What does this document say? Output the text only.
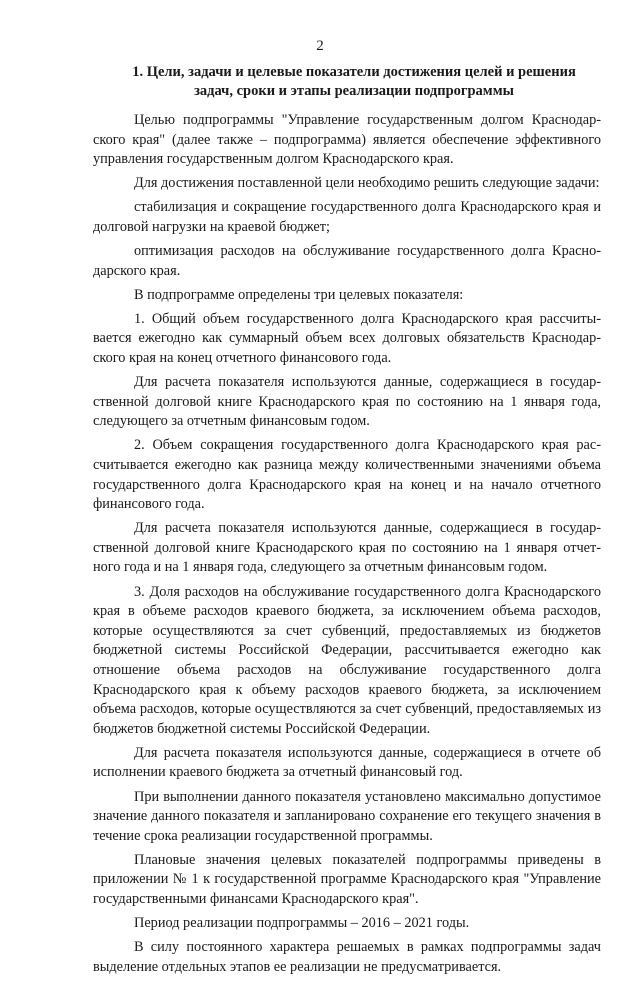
2
1. Цели, задачи и целевые показатели достижения целей и решения задач, сроки и этапы реализации подпрограммы

Целью подпрограммы "Управление государственным долгом Краснодарского края" (далее также – подпрограмма) является обеспечение эффективного управления государственным долгом Краснодарского края.

Для достижения поставленной цели необходимо решить следующие задачи:

стабилизация и сокращение государственного долга Краснодарского края и долговой нагрузки на краевой бюджет;

оптимизация расходов на обслуживание государственного долга Краснодарского края.

В подпрограмме определены три целевых показателя:

1. Общий объем государственного долга Краснодарского края рассчитывается ежегодно как суммарный объем всех долговых обязательств Краснодарского края на конец отчетного финансового года.

Для расчета показателя используются данные, содержащиеся в государственной долговой книге Краснодарского края по состоянию на 1 января года, следующего за отчетным финансовым годом.

2. Объем сокращения государственного долга Краснодарского края рассчитывается ежегодно как разница между количественными значениями объема государственного долга Краснодарского края на конец и на начало отчетного финансового года.

Для расчета показателя используются данные, содержащиеся в государственной долговой книге Краснодарского края по состоянию на 1 января отчетного года и на 1 января года, следующего за отчетным финансовым годом.

3. Доля расходов на обслуживание государственного долга Краснодарского края в объеме расходов краевого бюджета, за исключением объема расходов, которые осуществляются за счет субвенций, предоставляемых из бюджетов бюджетной системы Российской Федерации, рассчитывается ежегодно как отношение объема расходов на обслуживание государственного долга Краснодарского края к объему расходов краевого бюджета, за исключением объема расходов, которые осуществляются за счет субвенций, предоставляемых из бюджетов бюджетной системы Российской Федерации.

Для расчета показателя используются данные, содержащиеся в отчете об исполнении краевого бюджета за отчетный финансовый год.

При выполнении данного показателя установлено максимально допустимое значение данного показателя и запланировано сохранение его текущего значения в течение срока реализации государственной программы.

Плановые значения целевых показателей подпрограммы приведены в приложении № 1 к государственной программе Краснодарского края "Управление государственными финансами Краснодарского края".

Период реализации подпрограммы – 2016 – 2021 годы.

В силу постоянного характера решаемых в рамках подпрограммы задач выделение отдельных этапов ее реализации не предусматривается.
